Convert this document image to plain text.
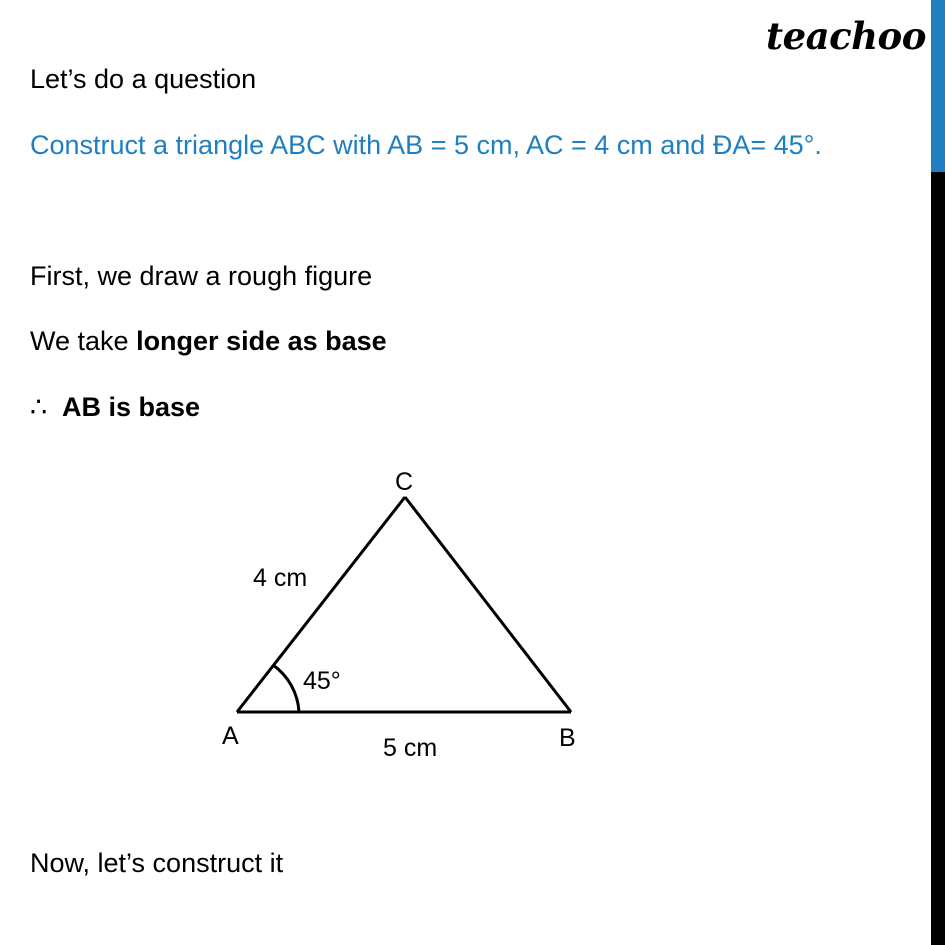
teachoo
Let’s do a question
Construct a triangle ABC with AB = 5 cm, AC = 4 cm and ÐA= 45°.
First, we draw a rough figure
We take longer side as base
∴ AB is base
C
4 cm
45°
A	5 cm	B
Now, let’s construct it
